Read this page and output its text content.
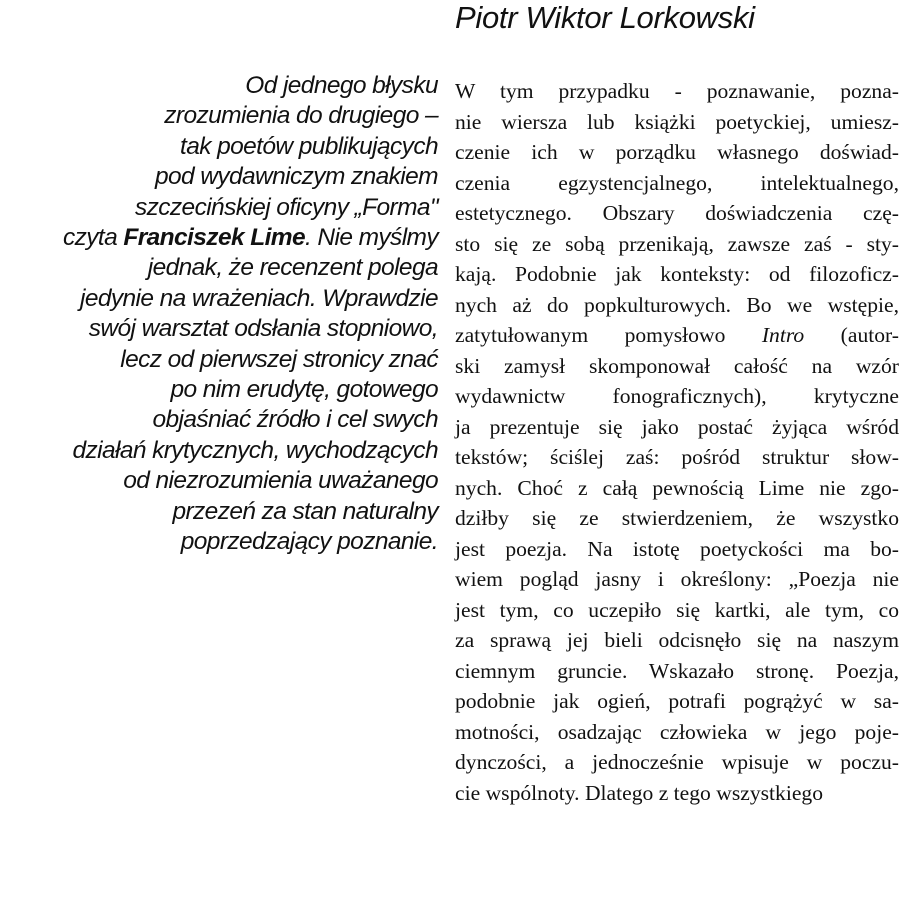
Piotr Wiktor Lorkowski
Od jednego błysku
zrozumienia do drugiego –
tak poetów publikujących
pod wydawniczym znakiem
szczecińskiej oficyny „Forma"
czyta Franciszek Lime. Nie myślmy
jednak, że recenzent polega
jedynie na wrażeniach. Wprawdzie
swój warsztat odsłania stopniowo,
lecz od pierwszej stronicy znać
po nim erudytę, gotowego
objaśniać źródło i cel swych
działań krytycznych, wychodzących
od niezrozumienia uważanego
przezeń za stan naturalny
poprzedzający poznanie.
W tym przypadku - poznawanie, pozna-
nie wiersza lub książki poetyckiej, umiesz-
czenie ich w porządku własnego doświad-
czenia egzystencjalnego, intelektualnego,
estetycznego. Obszary doświadczenia czę-
sto się ze sobą przenikają, zawsze zaś - sty-
kają. Podobnie jak konteksty: od filozoficz-
nych aż do popkulturowych. Bo we wstępie,
zatytułowanym pomysłowo Intro (autor-
ski zamysł skomponował całość na wzór
wydawnictw fonograficznych), krytyczne
ja prezentuje się jako postać żyjąca wśród
tekstów; ściślej zaś: pośród struktur słow-
nych. Choć z całą pewnością Lime nie zgo-
dziłby się ze stwierdzeniem, że wszystko
jest poezja. Na istotę poetyckości ma bo-
wiem pogląd jasny i określony: „Poezja nie
jest tym, co uczepiło się kartki, ale tym, co
za sprawą jej bieli odcisnęło się na naszym
ciemnym gruncie. Wskazało stronę. Poezja,
podobnie jak ogień, potrafi pogrążyć w sa-
motności, osadzając człowieka w jego poje-
dynczości, a jednocześnie wpisuje w poczu-
cie wspólnoty. Dlatego z tego wszystkiego
